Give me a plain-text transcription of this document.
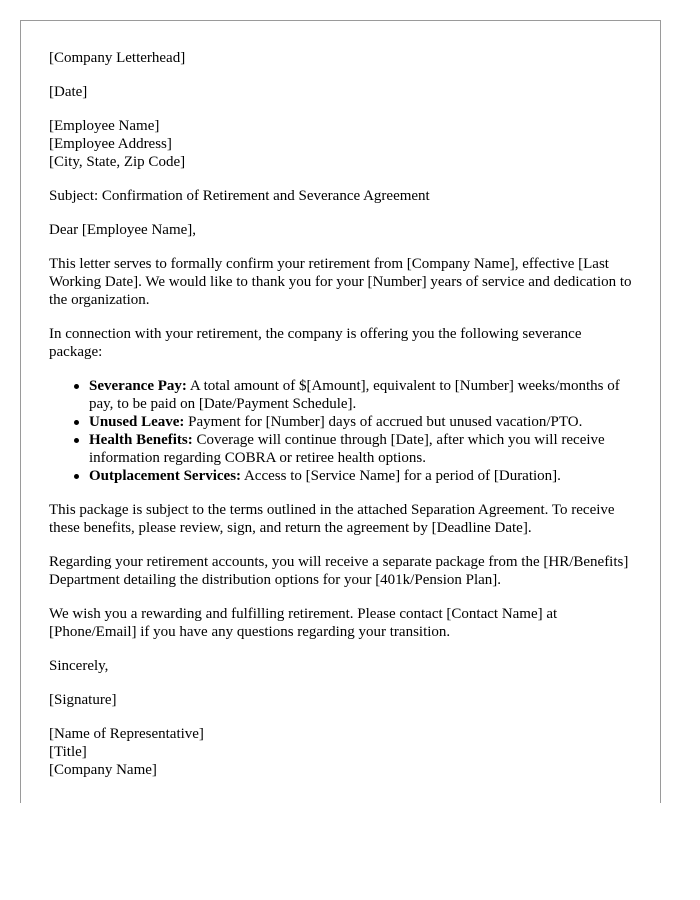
[Company Letterhead]

[Date]

[Employee Name]

[Employee Address]

[City, State, Zip Code]

Subject: Confirmation of Retirement and Severance Agreement

Dear [Employee Name],

This letter serves to formally confirm your retirement from [Company Name], effective [Last Working Date]. We would like to thank you for your [Number] years of service and dedication to the organization.

In connection with your retirement, the company is offering you the following severance package:

Severance Pay: A total amount of $[Amount], equivalent to [Number] weeks/months of pay, to be paid on [Date/Payment Schedule].
Unused Leave: Payment for [Number] days of accrued but unused vacation/PTO.
Health Benefits: Coverage will continue through [Date], after which you will receive information regarding COBRA or retiree health options.
Outplacement Services: Access to [Service Name] for a period of [Duration].

This package is subject to the terms outlined in the attached Separation Agreement. To receive these benefits, please review, sign, and return the agreement by [Deadline Date].

Regarding your retirement accounts, you will receive a separate package from the [HR/Benefits] Department detailing the distribution options for your [401k/Pension Plan].

We wish you a rewarding and fulfilling retirement. Please contact [Contact Name] at [Phone/Email] if you have any questions regarding your transition.

Sincerely,

[Signature]

[Name of Representative]

[Title]

[Company Name]
